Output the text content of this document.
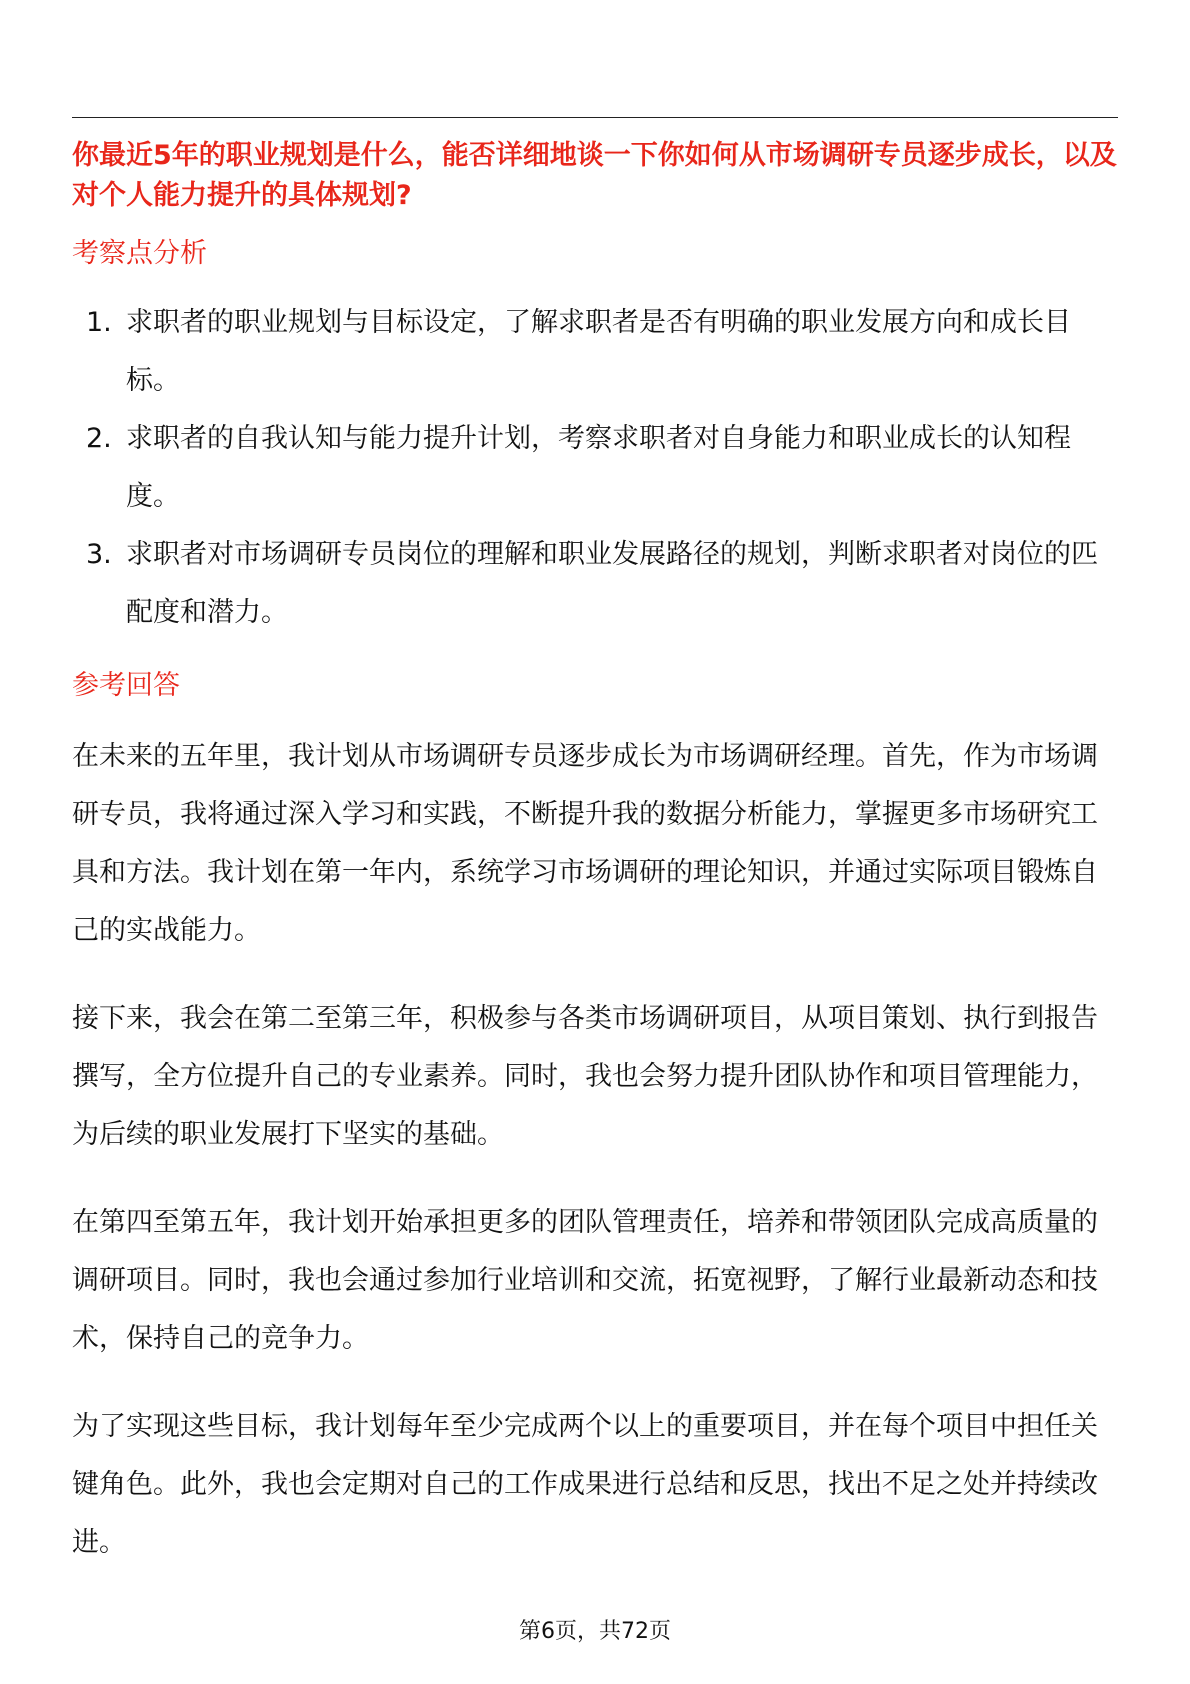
你最近5年的职业规划是什么，能否详细地谈一下你如何从市场调研专员逐步成长，以及对个人能力提升的具体规划?

考察点分析
1. 求职者的职业规划与目标设定，了解求职者是否有明确的职业发展方向和成长目标。
2. 求职者的自我认知与能力提升计划，考察求职者对自身能力和职业成长的认知程度。
3. 求职者对市场调研专员岗位的理解和职业发展路径的规划，判断求职者对岗位的匹配度和潜力。
参考回答

在未来的五年里，我计划从市场调研专员逐步成长为市场调研经理。首先，作为市场调研专员，我将通过深入学习和实践，不断提升我的数据分析能力，掌握更多市场研究工具和方法。我计划在第一年内，系统学习市场调研的理论知识，并通过实际项目锻炼自己的实战能力。

接下来，我会在第二至第三年，积极参与各类市场调研项目，从项目策划、执行到报告撰写，全方位提升自己的专业素养。同时，我也会努力提升团队协作和项目管理能力，为后续的职业发展打下坚实的基础。

在第四至第五年，我计划开始承担更多的团队管理责任，培养和带领团队完成高质量的调研项目。同时，我也会通过参加行业培训和交流，拓宽视野，了解行业最新动态和技术，保持自己的竞争力。

为了实现这些目标，我计划每年至少完成两个以上的重要项目，并在每个项目中担任关键角色。此外，我也会定期对自己的工作成果进行总结和反思，找出不足之处并持续改进。

第6页，共72页
